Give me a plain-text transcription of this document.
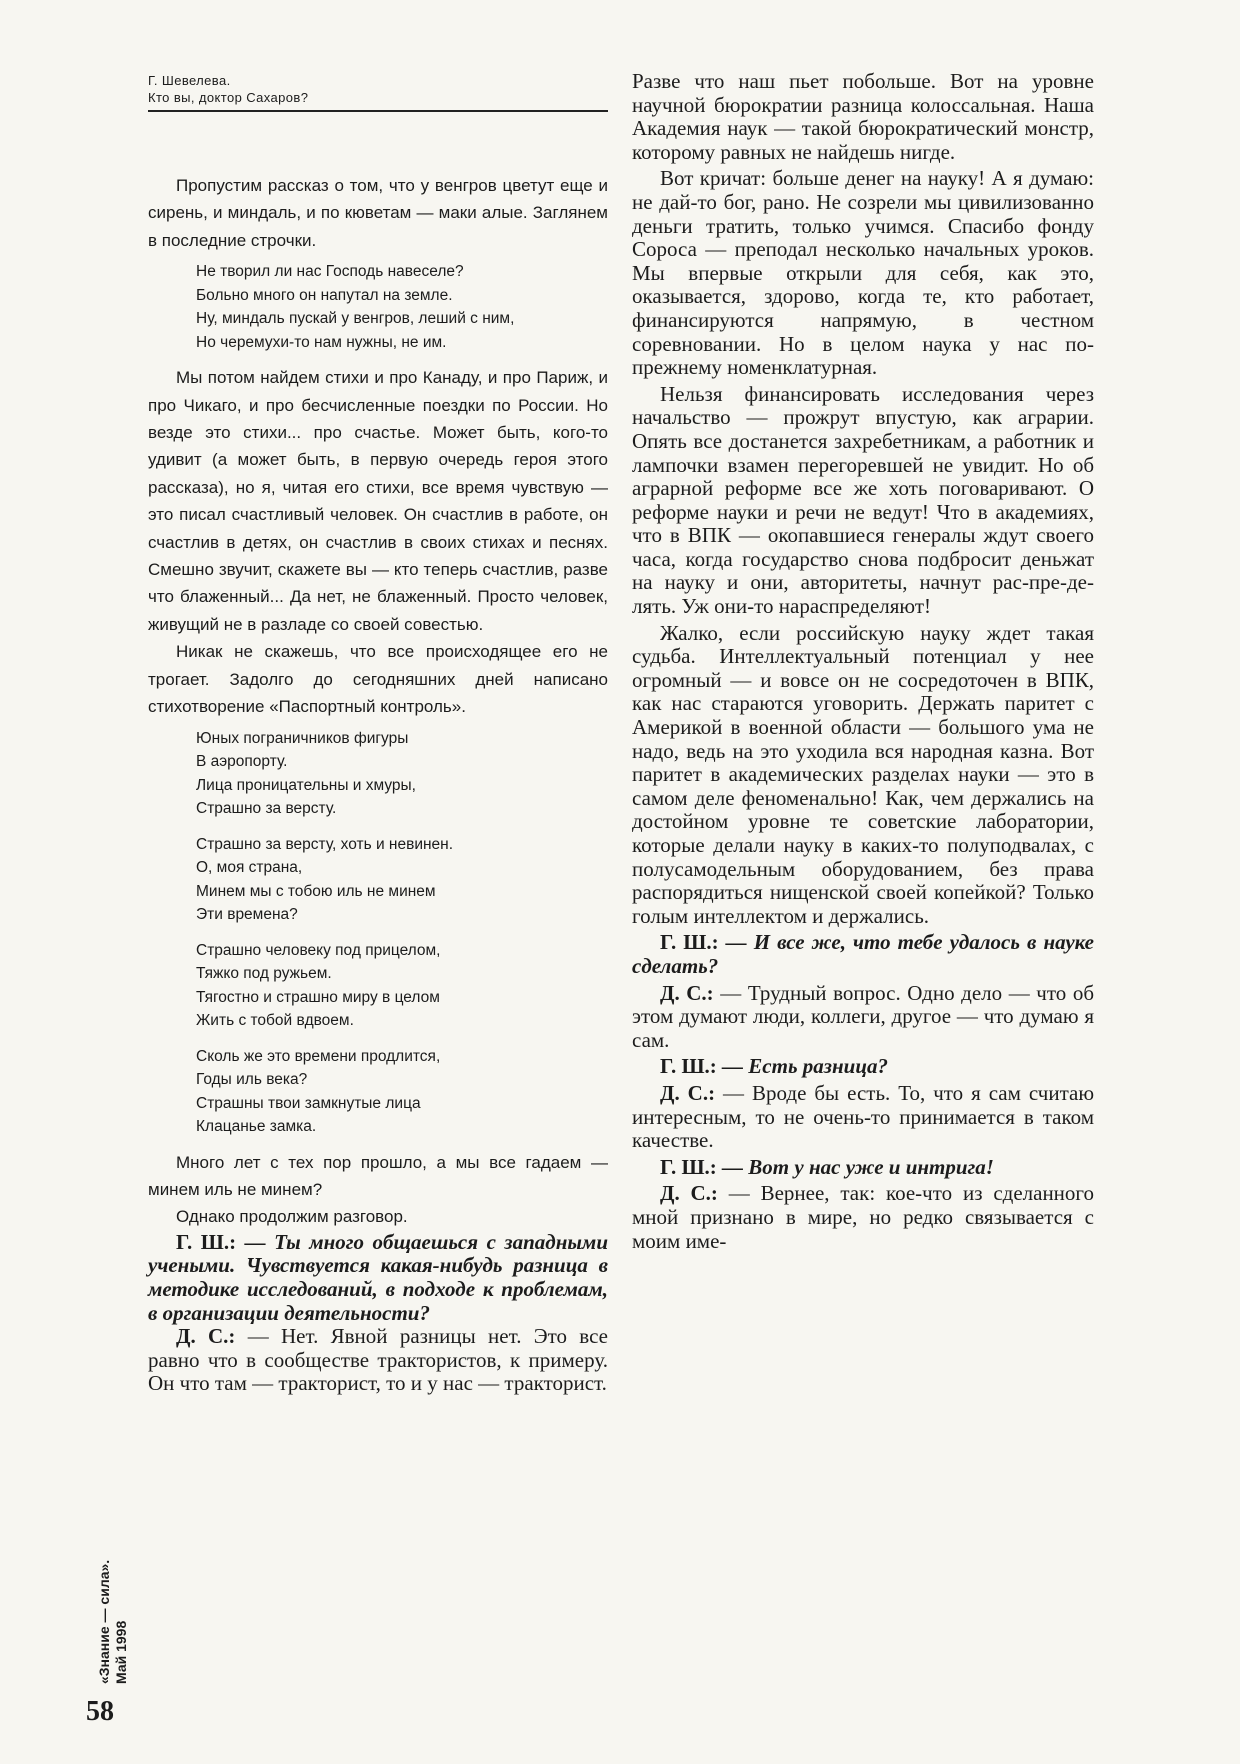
Г. Шевелева.
Кто вы, доктор Сахаров?

Пропустим рассказ о том, что у венгров цветут еще и сирень, и миндаль, и по кюветам — маки алые. Заглянем в последние строчки.

Не творил ли нас Господь навеселе?
Больно много он напутал на земле.
Ну, миндаль пускай у венгров, леший с ним,
Но черемухи-то нам нужны, не им.

Мы потом найдем стихи и про Канаду, и про Париж, и про Чикаго, и про бесчисленные поездки по России. Но везде это стихи... про счастье. Может быть, кого-то удивит (а может быть, в первую очередь героя этого рассказа), но я, читая его стихи, все время чувствую — это писал счастливый человек. Он счастлив в работе, он счастлив в детях, он счастлив в своих стихах и песнях. Смешно звучит, скажете вы — кто теперь счастлив, разве что блаженный... Да нет, не блаженный. Просто человек, живущий не в разладе со своей совестью.

Никак не скажешь, что все происходящее его не трогает. Задолго до сегодняшних дней написано стихотворение «Паспортный контроль».

Юных пограничников фигуры
В аэропорту.
Лица проницательны и хмуры,
Страшно за версту.
Страшно за версту, хоть и невинен.
О, моя страна,
Минем мы с тобою иль не минем
Эти времена?
Страшно человеку под прицелом,
Тяжко под ружьем.
Тягостно и страшно миру в целом
Жить с тобой вдвоем.
Сколь же это времени продлится,
Годы иль века?
Страшны твои замкнутые лица
Клацанье замка.

Много лет с тех пор прошло, а мы все гадаем — минем иль не минем?

Однако продолжим разговор.

Г. Ш.: — Ты много общаешься с западными учеными. Чувствуется какая-нибудь разница в методике исследований, в подходе к проблемам, в организации деятельности?

Д. С.: — Нет. Явной разницы нет. Это все равно что в сообществе трактористов, к примеру. Он что там — тракторист, то и у нас — тракторист.

Разве что наш пьет побольше. Вот на уровне научной бюрократии разница колоссальная. Наша Академия наук — такой бюрократический монстр, которому равных не найдешь нигде.

Вот кричат: больше денег на науку! А я думаю: не дай-то бог, рано. Не созрели мы цивилизованно деньги тратить, только учимся. Спасибо фонду Сороса — преподал несколько начальных уроков. Мы впервые открыли для себя, как это, оказывается, здорово, когда те, кто работает, финансируются напрямую, в честном соревновании. Но в целом наука у нас по-прежнему номенклатурная.

Нельзя финансировать исследования через начальство — прожрут впустую, как аграрии. Опять все достанется захребетникам, а работник и лампочки взамен перегоревшей не увидит. Но об аграрной реформе все же хоть поговаривают. О реформе науки и речи не ведут! Что в академиях, что в ВПК — окопавшиеся генералы ждут своего часа, когда государство снова подбросит деньжат на науку и они, авторитеты, начнут рас-пре-де-лять. Уж они-то нараспределяют!

Жалко, если российскую науку ждет такая судьба. Интеллектуальный потенциал у нее огромный — и вовсе он не сосредоточен в ВПК, как нас стараются уговорить. Держать паритет с Америкой в военной области — большого ума не надо, ведь на это уходила вся народная казна. Вот паритет в академических разделах науки — это в самом деле феноменально! Как, чем держались на достойном уровне те советские лаборатории, которые делали науку в каких-то полуподвалах, с полусамодельным оборудованием, без права распорядиться нищенской своей копейкой? Только голым интеллектом и держались.

Г. Ш.: — И все же, что тебе удалось в науке сделать?

Д. С.: — Трудный вопрос. Одно дело — что об этом думают люди, коллеги, другое — что думаю я сам.

Г. Ш.: — Есть разница?

Д. С.: — Вроде бы есть. То, что я сам считаю интересным, то не очень-то принимается в таком качестве.

Г. Ш.: — Вот у нас уже и интрига!

Д. С.: — Вернее, так: кое-что из сделанного мной признано в мире, но редко связывается с моим име-

«Знание — сила». Май 1998
58
